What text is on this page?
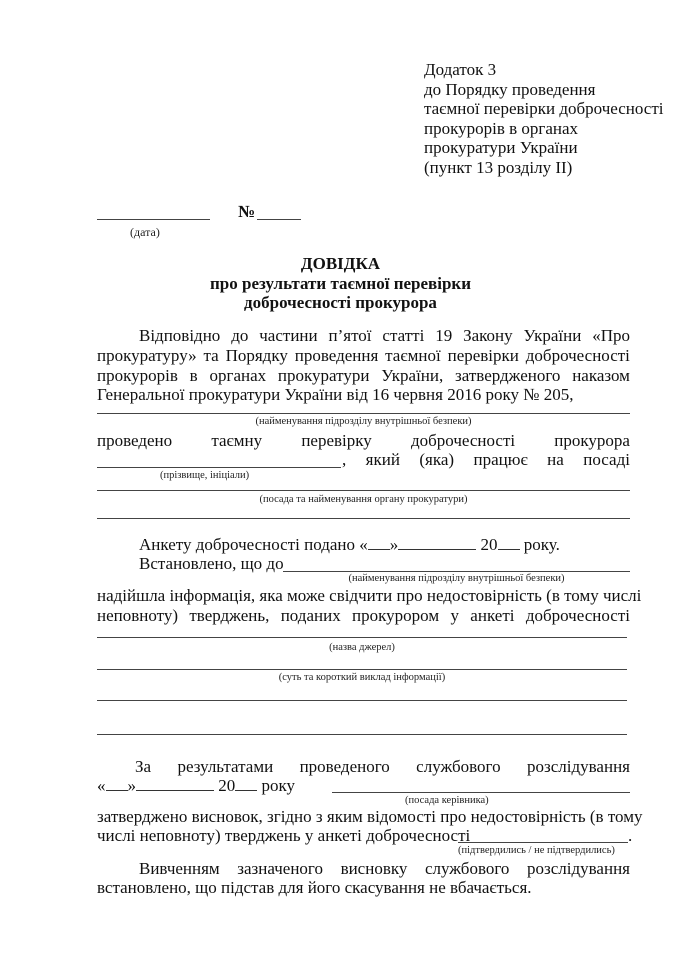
Додаток 3
до Порядку проведення
таємної перевірки доброчесності
прокурорів в органах
прокуратури України
(пункт 13 розділу ІІ)
(дата)
№
ДОВІДКА
про результати таємної перевірки
доброчесності прокурора
Відповідно до частини п’ятої статті 19 Закону України «Про
прокуратуру» та Порядку проведення таємної перевірки доброчесності
прокурорів в органах прокуратури України, затвердженого наказом
Генеральної прокуратури України від 16 червня 2016 року № 205,
(найменування підрозділу внутрішньої безпеки)
проведено таємну перевірку доброчесності прокурора
, який (яка) працює на посаді
(прізвище, ініціали)
(посада та найменування органу прокуратури)
Анкету доброчесності подано « »	20 року.
Встановлено, що до
(найменування підрозділу внутрішньої безпеки)
надійшла інформація, яка може свідчити про недостовірність (в тому числі
неповноту) тверджень, поданих прокурором у анкеті доброчесності
(назва джерел)
(суть та короткий виклад інформації)
За результатами проведеного службового розслідування
« »	20 року
(посада керівника)
затверджено висновок, згідно з яким відомості про недостовірність (в тому
числі неповноту) тверджень у анкеті доброчесності	.
(підтвердились / не підтвердились)
Вивченням зазначеного висновку службового розслідування
встановлено, що підстав для його скасування не вбачається.
